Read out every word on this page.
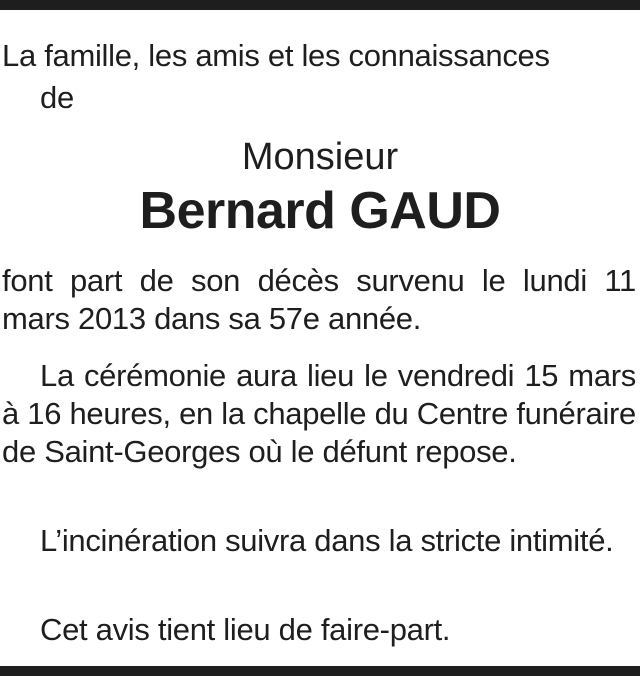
La famille, les amis et les connaissances
de
Monsieur
Bernard GAUD
font part de son décès survenu le lundi 11 mars 2013 dans sa 57e année.
La cérémonie aura lieu le vendredi 15 mars à 16 heures, en la chapelle du Centre funéraire de Saint-Georges où le défunt repose.
L’incinération suivra dans la stricte intimité.
Cet avis tient lieu de faire-part.
